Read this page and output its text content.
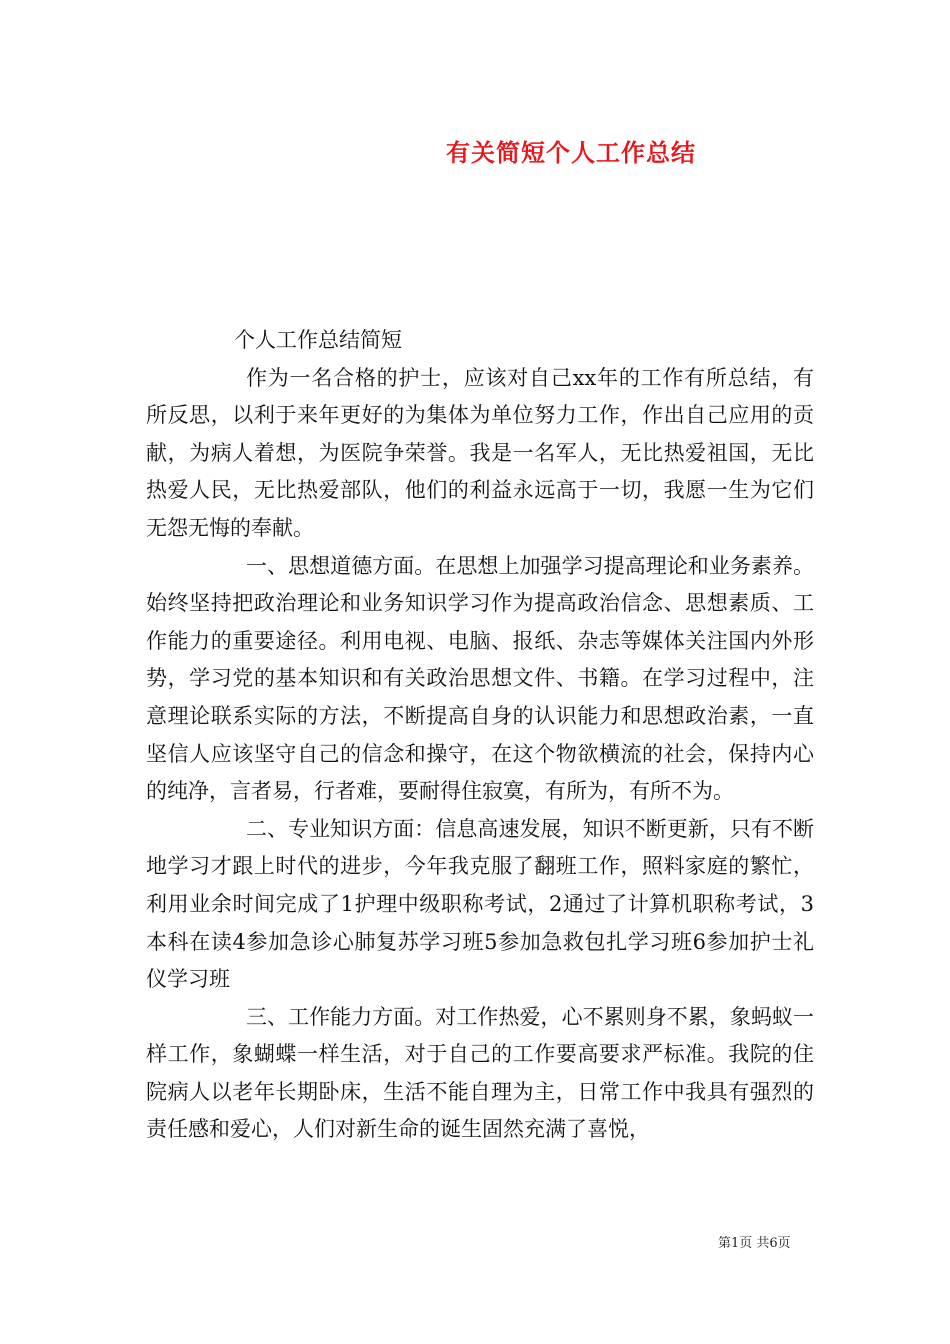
有关简短个人工作总结

个人工作总结简短

作为一名合格的护士，应该对自己xx年的工作有所总结，有所反思，以利于来年更好的为集体为单位努力工作，作出自己应用的贡献，为病人着想，为医院争荣誉。我是一名军人，无比热爱祖国，无比热爱人民，无比热爱部队，他们的利益永远高于一切，我愿一生为它们无怨无悔的奉献。

一、思想道德方面。在思想上加强学习提高理论和业务素养。始终坚持把政治理论和业务知识学习作为提高政治信念、思想素质、工作能力的重要途径。利用电视、电脑、报纸、杂志等媒体关注国内外形势，学习党的基本知识和有关政治思想文件、书籍。在学习过程中，注意理论联系实际的方法，不断提高自身的认识能力和思想政治素，一直坚信人应该坚守自己的信念和操守，在这个物欲横流的社会，保持内心的纯净，言者易，行者难，要耐得住寂寞，有所为，有所不为。

二、专业知识方面：信息高速发展，知识不断更新，只有不断地学习才跟上时代的进步，今年我克服了翻班工作，照料家庭的繁忙，利用业余时间完成了1护理中级职称考试，2通过了计算机职称考试，3本科在读4参加急诊心肺复苏学习班5参加急救包扎学习班6参加护士礼仪学习班

三、工作能力方面。对工作热爱，心不累则身不累，象蚂蚁一样工作，象蝴蝶一样生活，对于自己的工作要高要求严标准。我院的住院病人以老年长期卧床，生活不能自理为主，日常工作中我具有强烈的责任感和爱心，人们对新生命的诞生固然充满了喜悦，

第1页 共6页
